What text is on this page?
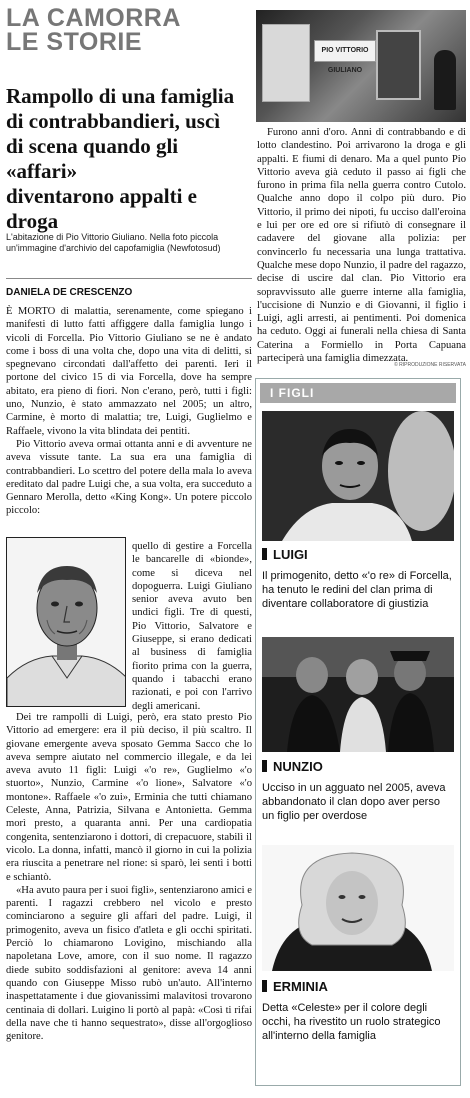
LA CAMORRA
LE STORIE	PIO VITTORIO GIULIANO
Rampollo di una famiglia
di contrabbandieri, uscì
di scena quando gli «affari»
diventarono appalti e droga

L'abitazione di Pio Vittorio Giuliano. Nella foto piccola un'immagine d'archivio del capofamiglia (Newfotosud)

DANIELA DE CRESCENZO

È MORTO di malattia, serenamente, come spiegano i manifesti di lutto fatti affiggere dalla famiglia lungo i vicoli di Forcella. Pio Vittorio Giuliano se ne è andato come i boss di una volta che, dopo una vita di delitti, si spegnevano circondati dall'affetto dei parenti. Ieri il portone del civico 15 di via Forcella, dove ha sempre abitato, era pieno di fiori. Non c'erano, però, tutti i figli: uno, Nunzio, è stato ammazzato nel 2005; un altro, Carmine, è morto di malattia; tre, Luigi, Guglielmo e Raffaele, vivono la vita blindata dei pentiti.

Pio Vittorio aveva ormai ottanta anni e di avventure ne aveva vissute tante. La sua era una famiglia di contrabbandieri. Lo scettro del potere della mala lo aveva ereditato dal padre Luigi che, a sua volta, era succeduto a Gennaro Merolla, detto «King Kong». Un potere piccolo piccolo:

quello di gestire a Forcella le bancarelle di «bionde», come si diceva nel dopoguerra. Luigi Giuliano senior aveva avuto ben undici figli. Tre di questi, Pio Vittorio, Salvatore e Giuseppe, si erano dedicati al business di famiglia fiorito prima con la guerra, quando i tabacchi erano razionati, e poi con l'arrivo degli americani.

Dei tre rampolli di Luigi, però, era stato presto Pio Vittorio ad emergere: era il più deciso, il più scaltro. Il giovane emergente aveva sposato Gemma Sacco che lo aveva sempre aiutato nel commercio illegale, e da lei aveva avuto 11 figli: Luigi «'o re», Guglielmo «'o stuorto», Nunzio, Carmine «'o lione», Salvatore «'o montone». Raffaele «'o zui», Erminia che tutti chiamano Celeste, Anna, Patrizia, Silvana e Antonietta. Gemma morì presto, a quaranta anni. Per una cardiopatia congenita, sentenziarono i dottori, di crepacuore, stabilì il vicolo. La donna, infatti, mancò il giorno in cui la polizia era riuscita a penetrare nel rione: si sparò, lei sentì i botti e schiantò.

«Ha avuto paura per i suoi figli», sentenziarono amici e parenti. I ragazzi crebbero nel vicolo e presto cominciarono a seguire gli affari del padre. Luigi, il primogenito, aveva un fisico d'atleta e gli occhi spiritati. Perciò lo chiamarono Lovigino, mischiando alla napoletana Love, amore, con il suo nome. Il ragazzo diede subito soddisfazioni al genitore: aveva 14 anni quando con Giuseppe Misso rubò un'auto. All'interno inaspettatamente i due giovanissimi malavitosi trovarono centinaia di dollari. Luigino li portò al papà: «Così ti rifai della nave che ti hanno sequestrato», disse all'orgoglioso genitore.

Furono anni d'oro. Anni di contrabbando e di lotto clandestino. Poi arrivarono la droga e gli appalti. E fiumi di denaro. Ma a quel punto Pio Vittorio aveva già ceduto il passo ai figli che furono in prima fila nella guerra contro Cutolo. Qualche anno dopo il colpo più duro. Pio Vittorio, il primo dei nipoti, fu ucciso dall'eroina e lui per ore ed ore si rifiutò di consegnare il cadavere del giovane alla polizia: per convincerlo fu necessaria una lunga trattativa. Qualche mese dopo Nunzio, il padre del ragazzo, decise di uscire dal clan. Pio Vittorio era sopravvissuto alle guerre interne alla famiglia, l'uccisione di Nunzio e di Giovanni, il figlio i Luigi, agli arresti, ai pentimenti. Poi domenica ha ceduto. Oggi ai funerali nella chiesa di Santa Caterina a Formiello in Porta Capuana parteciperà una famiglia dimezzata.

© RIPRODUZIONE RISERVATA
I FIGLI
LUIGI
Il primogenito, detto «'o re» di Forcella, ha tenuto le redini del clan prima di diventare collaboratore di giustizia
NUNZIO
Ucciso in un agguato nel 2005, aveva abbandonato il clan dopo aver perso un figlio per overdose
ERMINIA
Detta «Celeste» per il colore degli occhi, ha rivestito un ruolo strategico all'interno della famiglia
